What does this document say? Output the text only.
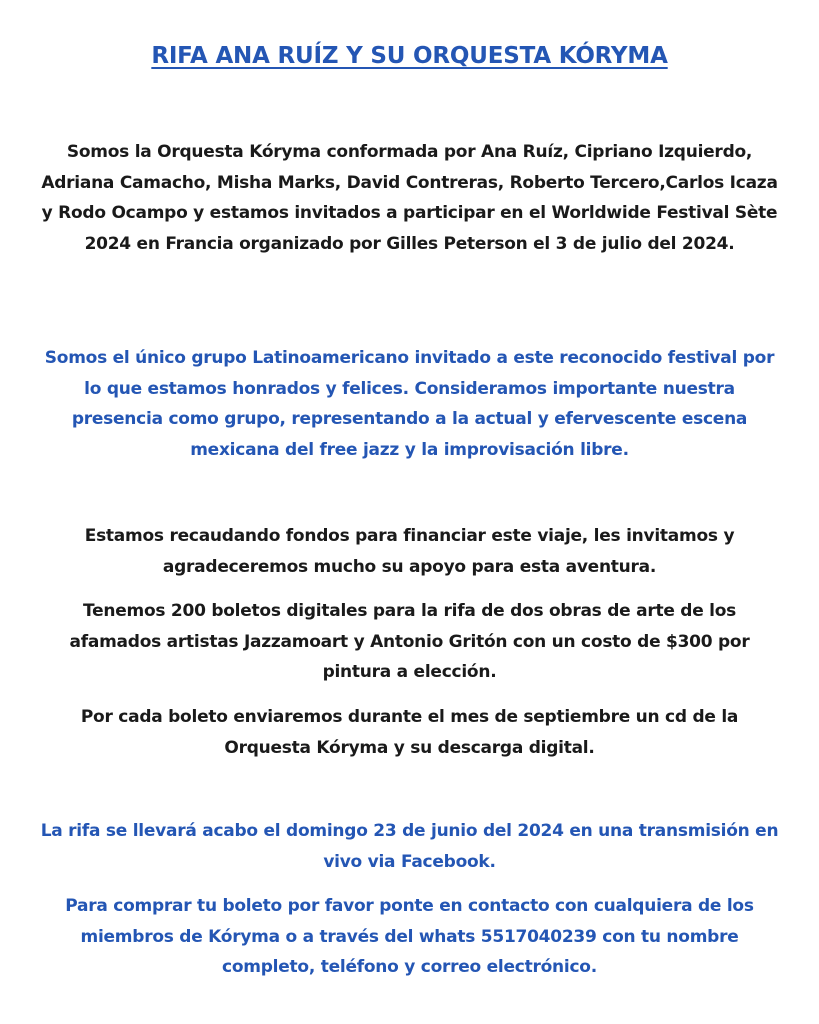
RIFA ANA RUÍZ Y SU ORQUESTA KÓRYMA

Somos la Orquesta Kóryma conformada por Ana Ruíz, Cipriano Izquierdo, Adriana Camacho, Misha Marks, David Contreras, Roberto Tercero,Carlos Icaza y Rodo Ocampo y estamos invitados a participar en el Worldwide Festival Sète 2024 en Francia organizado por Gilles Peterson el 3 de julio del 2024.

Somos el único grupo Latinoamericano invitado a este reconocido festival por lo que estamos honrados y felices. Consideramos importante nuestra presencia como grupo, representando a la actual y efervescente escena mexicana del free jazz y la improvisación libre.

Estamos recaudando fondos para financiar este viaje, les invitamos y agradeceremos mucho su apoyo para esta aventura.

Tenemos 200 boletos digitales para la rifa de dos obras de arte de los afamados artistas Jazzamoart y Antonio Gritón con un costo de $300 por pintura a elección.

Por cada boleto enviaremos durante el mes de septiembre un cd de la Orquesta Kóryma y su descarga digital.

La rifa se llevará acabo el domingo 23 de junio del 2024 en una transmisión en vivo via Facebook.

Para comprar tu boleto por favor ponte en contacto con cualquiera de los miembros de Kóryma o a través del whats 5517040239 con tu nombre completo, teléfono y correo electrónico.
